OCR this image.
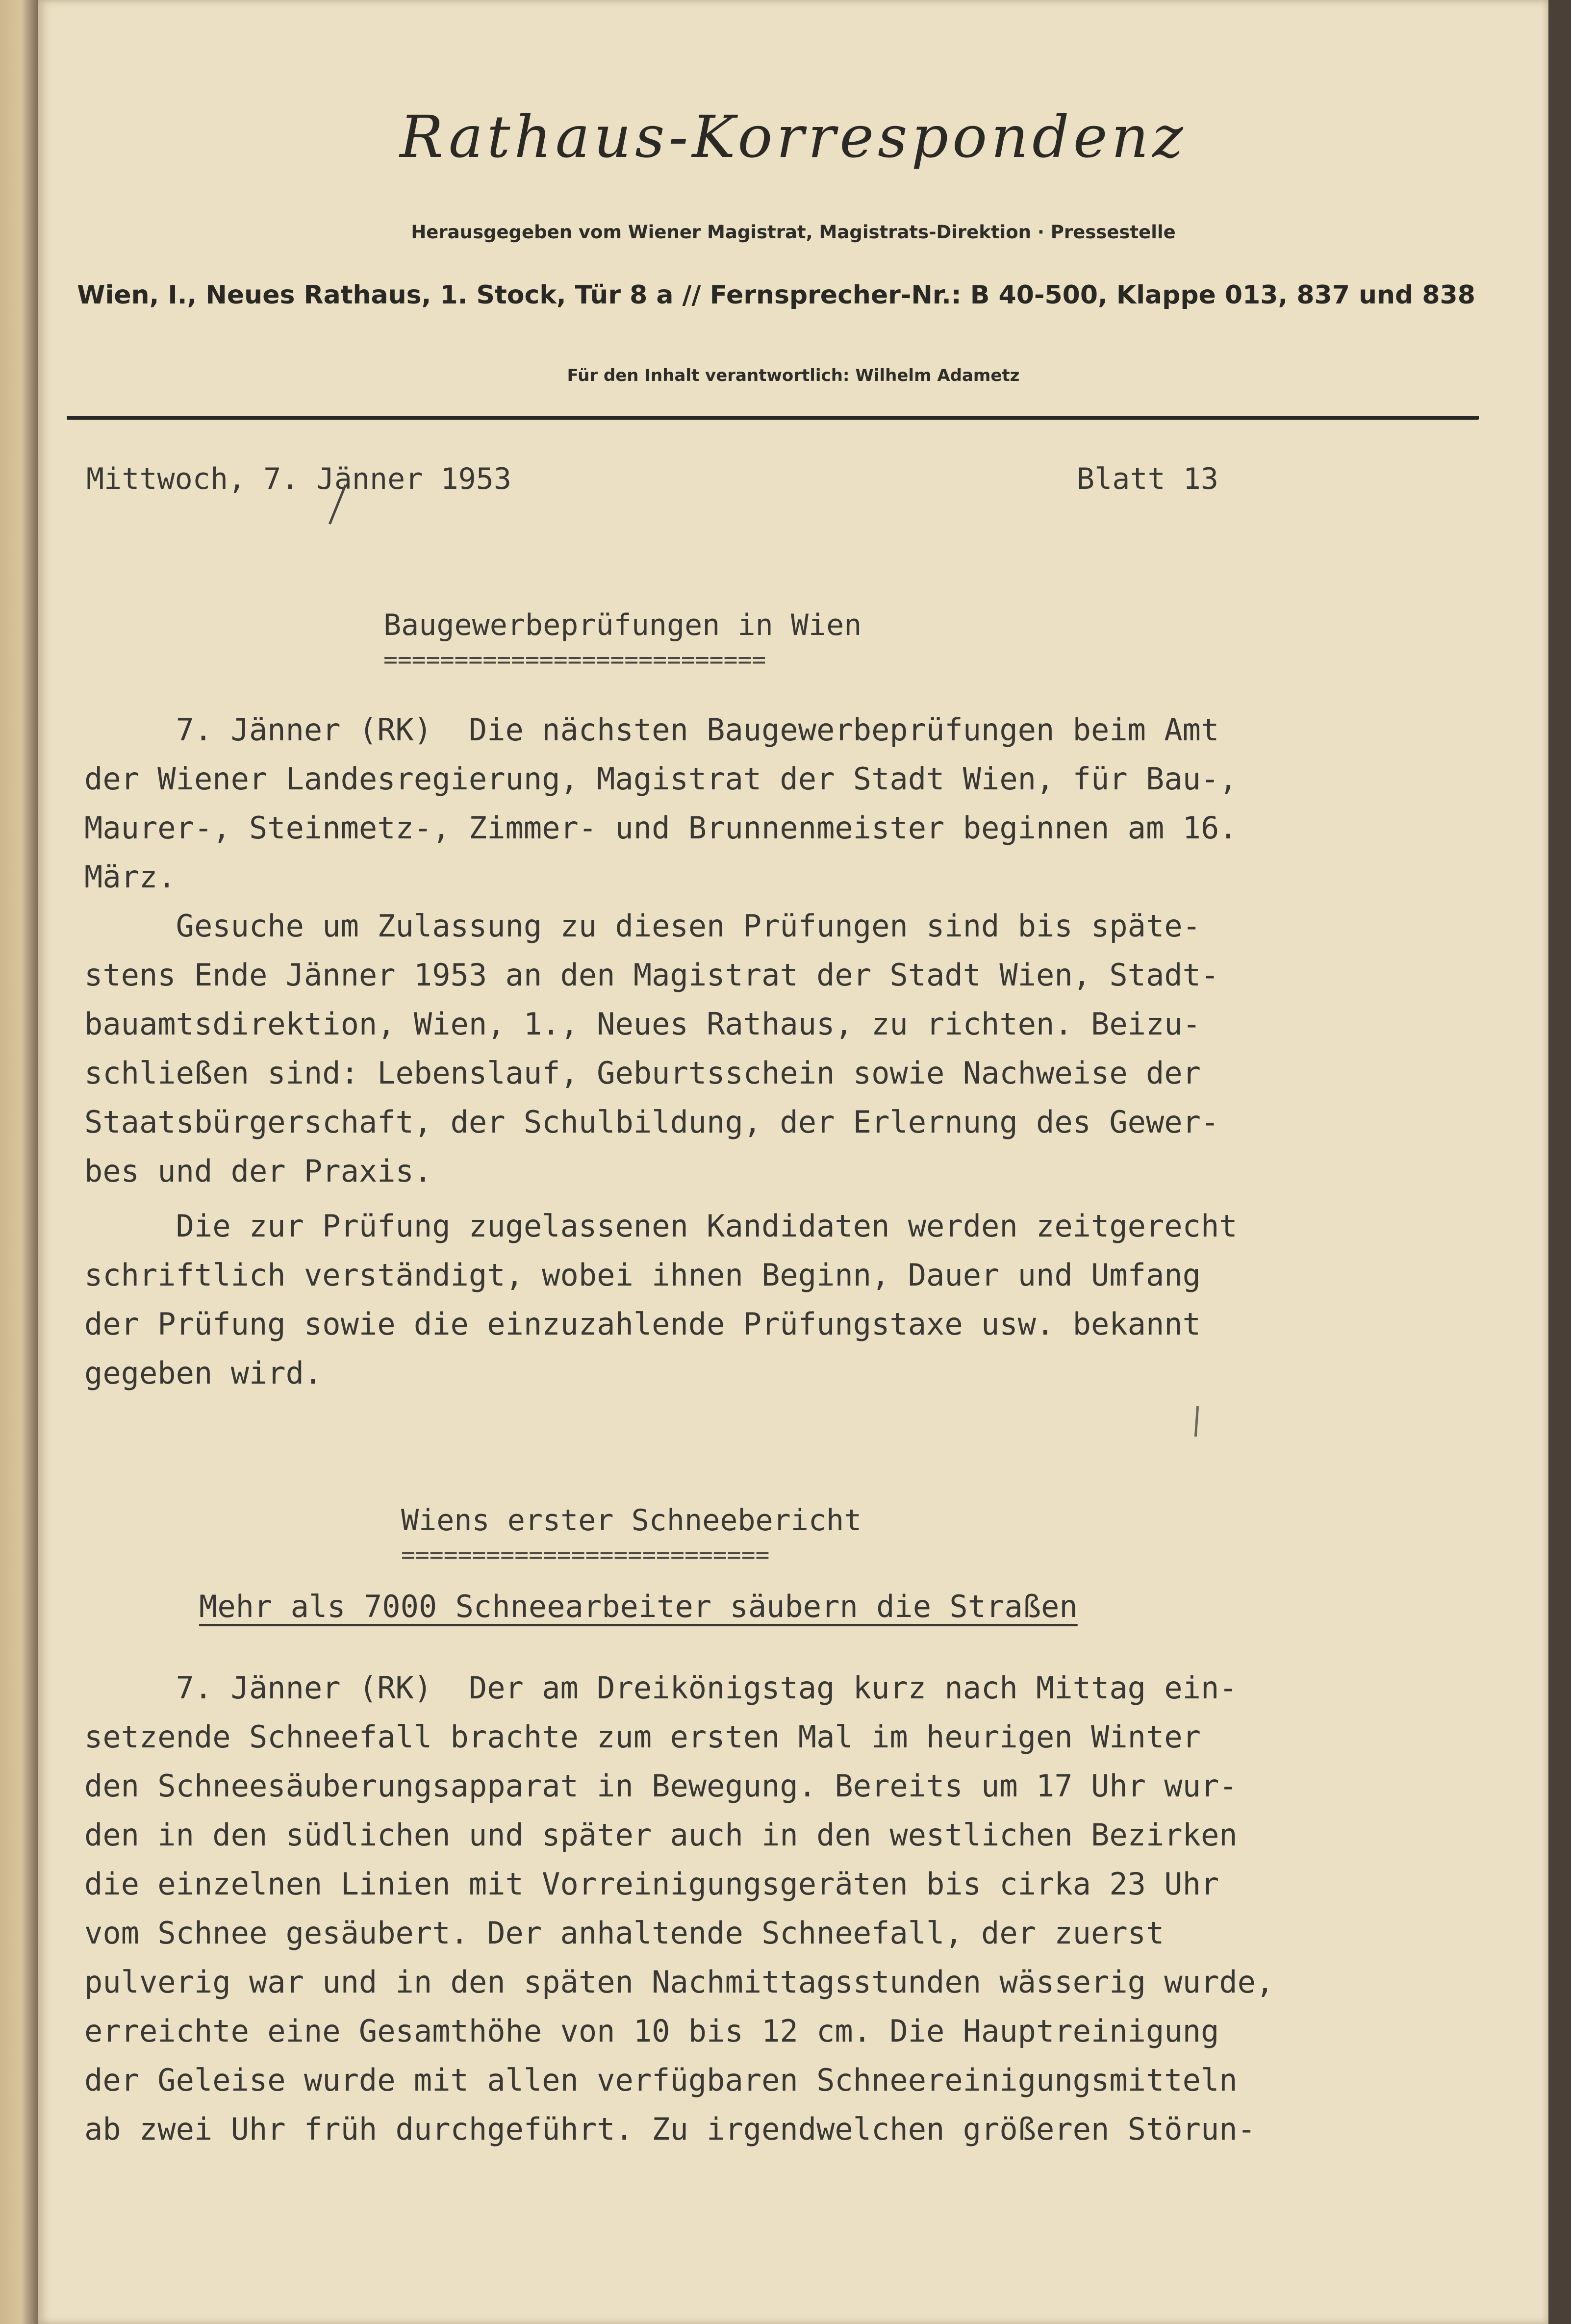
Rathaus-Korrespondenz
Herausgegeben vom Wiener Magistrat, Magistrats-Direktion · Pressestelle
Wien, I., Neues Rathaus, 1. Stock, Tür 8 a // Fernsprecher-Nr.: B 40-500, Klappe 013, 837 und 838
Für den Inhalt verantwortlich: Wilhelm Adametz
Mittwoch, 7. Jänner 1953	Blatt 13
Baugewerbeprüfungen in Wien
===========================
7. Jänner (RK)  Die nächsten Baugewerbeprüfungen beim Amt
der Wiener Landesregierung, Magistrat der Stadt Wien, für Bau-,
Maurer-, Steinmetz-, Zimmer- und Brunnenmeister beginnen am 16.
März.
Gesuche um Zulassung zu diesen Prüfungen sind bis späte-
stens Ende Jänner 1953 an den Magistrat der Stadt Wien, Stadt-
bauamtsdirektion, Wien, 1., Neues Rathaus, zu richten. Beizu-
schließen sind: Lebenslauf, Geburtsschein sowie Nachweise der
Staatsbürgerschaft, der Schulbildung, der Erlernung des Gewer-
bes und der Praxis.
Die zur Prüfung zugelassenen Kandidaten werden zeitgerecht
schriftlich verständigt, wobei ihnen Beginn, Dauer und Umfang
der Prüfung sowie die einzuzahlende Prüfungstaxe usw. bekannt
gegeben wird.
Wiens erster Schneebericht
==========================
Mehr als 7000 Schneearbeiter säubern die Straßen
7. Jänner (RK)  Der am Dreikönigstag kurz nach Mittag ein-
setzende Schneefall brachte zum ersten Mal im heurigen Winter
den Schneesäuberungsapparat in Bewegung. Bereits um 17 Uhr wur-
den in den südlichen und später auch in den westlichen Bezirken
die einzelnen Linien mit Vorreinigungsgeräten bis cirka 23 Uhr
vom Schnee gesäubert. Der anhaltende Schneefall, der zuerst
pulverig war und in den späten Nachmittagsstunden wässerig wurde,
erreichte eine Gesamthöhe von 10 bis 12 cm. Die Hauptreinigung
der Geleise wurde mit allen verfügbaren Schneereinigungsmitteln
ab zwei Uhr früh durchgeführt. Zu irgendwelchen größeren Störun-
